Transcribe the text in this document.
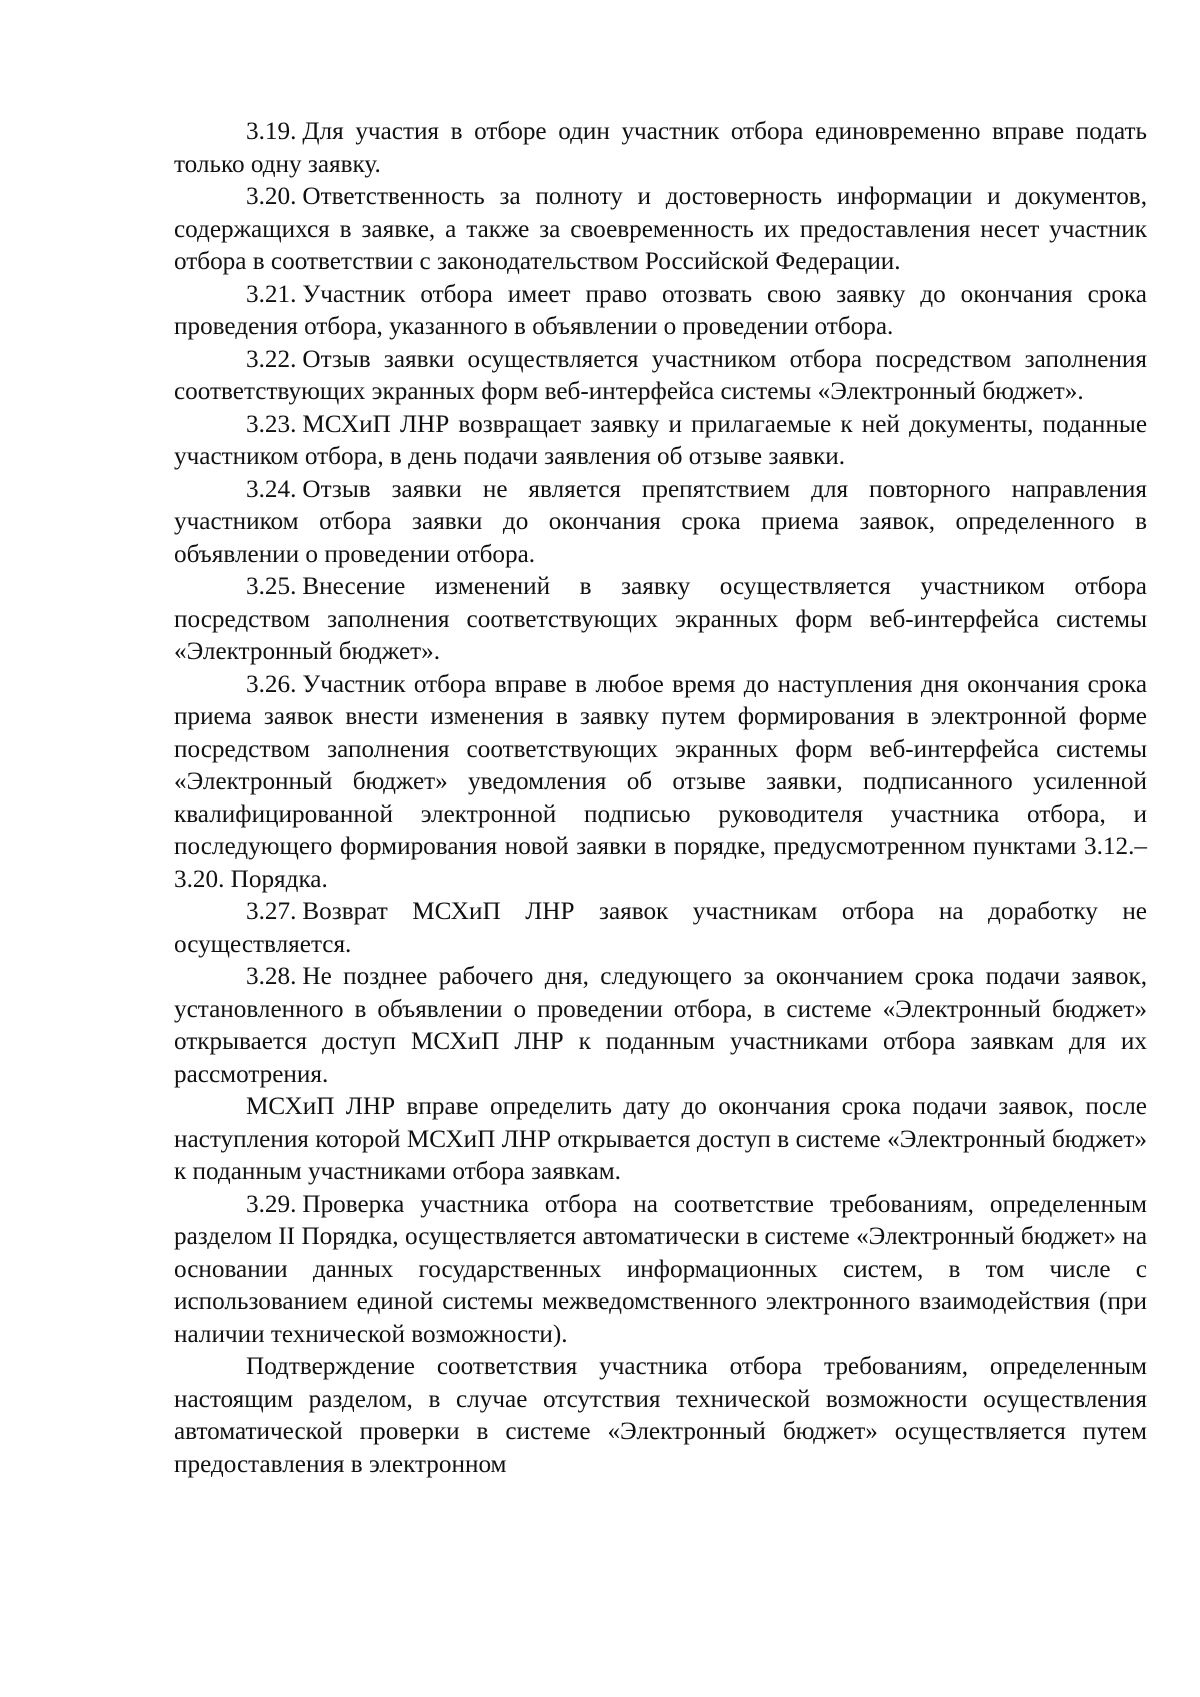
3.19. Для участия в отборе один участник отбора единовременно вправе подать только одну заявку.

3.20. Ответственность за полноту и достоверность информации и документов, содержащихся в заявке, а также за своевременность их предоставления несет участник отбора в соответствии с законодательством Российской Федерации.

3.21. Участник отбора имеет право отозвать свою заявку до окончания срока проведения отбора, указанного в объявлении о проведении отбора.

3.22. Отзыв заявки осуществляется участником отбора посредством заполнения соответствующих экранных форм веб-интерфейса системы «Электронный бюджет».

3.23. МСХиП ЛНР возвращает заявку и прилагаемые к ней документы, поданные участником отбора, в день подачи заявления об отзыве заявки.

3.24. Отзыв заявки не является препятствием для повторного направления участником отбора заявки до окончания срока приема заявок, определенного в объявлении о проведении отбора.

3.25. Внесение изменений в заявку осуществляется участником отбора посредством заполнения соответствующих экранных форм веб-интерфейса системы «Электронный бюджет».

3.26. Участник отбора вправе в любое время до наступления дня окончания срока приема заявок внести изменения в заявку путем формирования в электронной форме посредством заполнения соответствующих экранных форм веб-интерфейса системы «Электронный бюджет» уведомления об отзыве заявки, подписанного усиленной квалифицированной электронной подписью руководителя участника отбора, и последующего формирования новой заявки в порядке, предусмотренном пунктами 3.12.–3.20. Порядка.

3.27. Возврат МСХиП ЛНР заявок участникам отбора на доработку не осуществляется.

3.28. Не позднее рабочего дня, следующего за окончанием срока подачи заявок, установленного в объявлении о проведении отбора, в системе «Электронный бюджет» открывается доступ МСХиП ЛНР к поданным участниками отбора заявкам для их рассмотрения.

МСХиП ЛНР вправе определить дату до окончания срока подачи заявок, после наступления которой МСХиП ЛНР открывается доступ в системе «Электронный бюджет» к поданным участниками отбора заявкам.

3.29. Проверка участника отбора на соответствие требованиям, определенным разделом II Порядка, осуществляется автоматически в системе «Электронный бюджет» на основании данных государственных информационных систем, в том числе с использованием единой системы межведомственного электронного взаимодействия (при наличии технической возможности).

Подтверждение соответствия участника отбора требованиям, определенным настоящим разделом, в случае отсутствия технической возможности осуществления автоматической проверки в системе «Электронный бюджет» осуществляется путем предоставления в электронном
